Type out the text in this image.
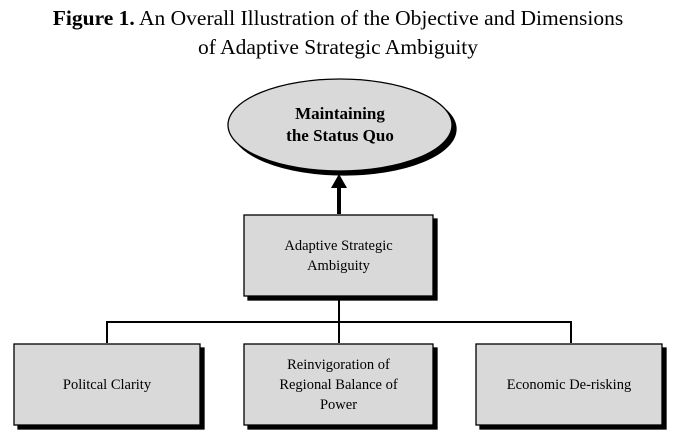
Figure 1. An Overall Illustration of the Objective and Dimensions
of Adaptive Strategic Ambiguity
Maintaining
the Status Quo
Adaptive Strategic
Ambiguity
Politcal Clarity
Reinvigoration of
Regional Balance of
Power
Economic De-risking
